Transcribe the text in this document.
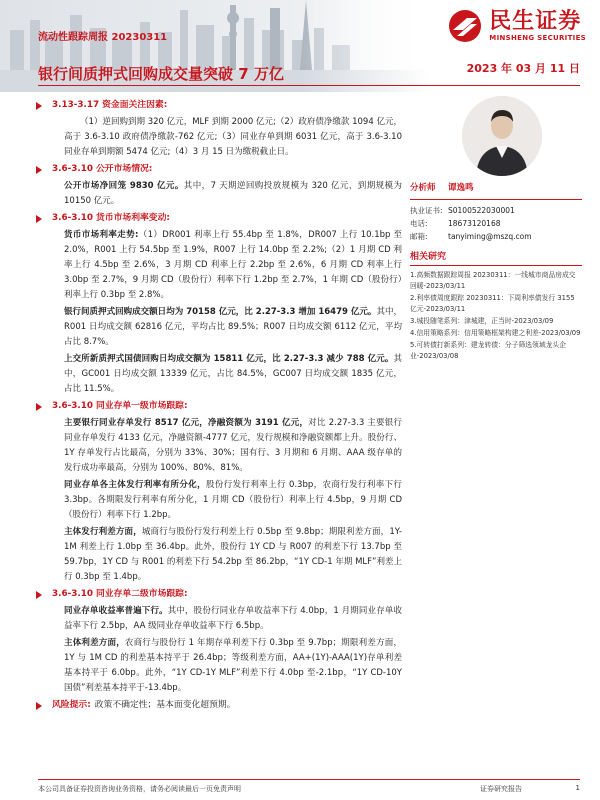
民生证券
MINSHENG SECURITIES
流动性跟踪周报 20230311
银行间质押式回购成交量突破 7 万亿	2023 年 03 月 11 日
3.13-3.17 资金面关注因素:
（1）逆回购到期 320 亿元，MLF 到期 2000 亿元;（2）政府债净缴款 1094 亿元，高于 3.6-3.10 政府债净缴款-762 亿元;（3）同业存单到期 6031 亿元，高于 3.6-3.10 同业存单到期额 5474 亿元;（4）3 月 15 日为缴税截止日。
3.6-3.10 公开市场情况:
公开市场净回笼 9830 亿元。其中，7 天期逆回购投放规模为 320 亿元，到期规模为 10150 亿元。
3.6-3.10 货币市场利率变动:
货币市场利率走势:（1）DR001 利率上行 55.4bp 至 1.8%，DR007 上行 10.1bp 至 2.0%，R001 上行 54.5bp 至 1.9%，R007 上行 14.0bp 至 2.2%;（2）1 月期 CD 利率上行 4.5bp 至 2.6%，3 月期 CD 利率上行 2.2bp 至 2.6%，6 月期 CD 利率上行 3.0bp 至 2.7%，9 月期 CD（股份行）利率下行 1.2bp 至 2.7%，1 年期 CD（股份行）利率上行 0.3bp 至 2.8%。
银行间质押式回购成交额日均为 70158 亿元，比 2.27-3.3 增加 16479 亿元。其中，R001 日均成交额 62816 亿元，平均占比 89.5%；R007 日均成交额 6112 亿元，平均占比 8.7%。
上交所新质押式国债回购日均成交额为 15811 亿元，比 2.27-3.3 减少 788 亿元。其中，GC001 日均成交额 13339 亿元，占比 84.5%，GC007 日均成交额 1835 亿元，占比 11.5%。
3.6-3.10 同业存单一级市场跟踪:
主要银行同业存单发行 8517 亿元，净融资额为 3191 亿元，对比 2.27-3.3 主要银行同业存单发行 4133 亿元，净融资额-4777 亿元，发行规模和净融资额都上升。股份行、1Y 存单发行占比最高，分别为 33%、30%；国有行、3 月期和 6 月期、AAA 级存单的发行成功率最高，分别为 100%、80%、81%。
同业存单各主体发行利率有所分化，股份行发行利率上行 0.3bp，农商行发行利率下行 3.3bp。各期限发行利率有所分化，1 月期 CD（股份行）利率上行 4.5bp，9 月期 CD（股份行）利率下行 1.2bp。
主体发行利差方面，城商行与股份行发行利差上行 0.5bp 至 9.8bp；期限利差方面，1Y-1M 利差上行 1.0bp 至 36.4bp。此外，股份行 1Y CD 与 R007 的利差下行 13.7bp 至 59.7bp，1Y CD 与 R001 的利差下行 54.2bp 至 86.2bp，“1Y CD-1 年期 MLF”利差上行 0.3bp 至 1.4bp。
3.6-3.10 同业存单二级市场跟踪:
同业存单收益率普遍下行。其中，股份行同业存单收益率下行 4.0bp，1 月期同业存单收益率下行 2.5bp，AA 级同业存单收益率下行 6.5bp。
主体利差方面，农商行与股份行 1 年期存单利差下行 0.3bp 至 9.7bp；期限利差方面，1Y 与 1M CD 的利差基本持平于 26.4bp；等级利差方面，AA+(1Y)-AAA(1Y)存单利差基本持平于 6.0bp。此外，“1Y CD-1Y MLF”利差下行 4.0bp 至-2.1bp，“1Y CD-10Y 国债”利差基本持平于-13.4bp。
风险提示: 政策不确定性；基本面变化超预期。
分析师	谭逸鸣
执业证书: S0100522030001
电话:	18673120168
邮箱:	tanyiming@mszq.com
相关研究
1.高频数据跟踪周报 20230311：一线城市商品房成交回暖-2023/03/11
2.利率债周度跟踪 20230311：下周利率债发行 3155 亿元-2023/03/11
3.城投随笔系列：津城建，正当时-2023/03/09
4.信用策略系列：信用策略框架构建之利差-2023/03/09
5.可转债打新系列：建龙转债：分子筛选领域龙头企业-2023/03/08
本公司具备证券投资咨询业务资格，请务必阅读最后一页免责声明	证券研究报告	1
